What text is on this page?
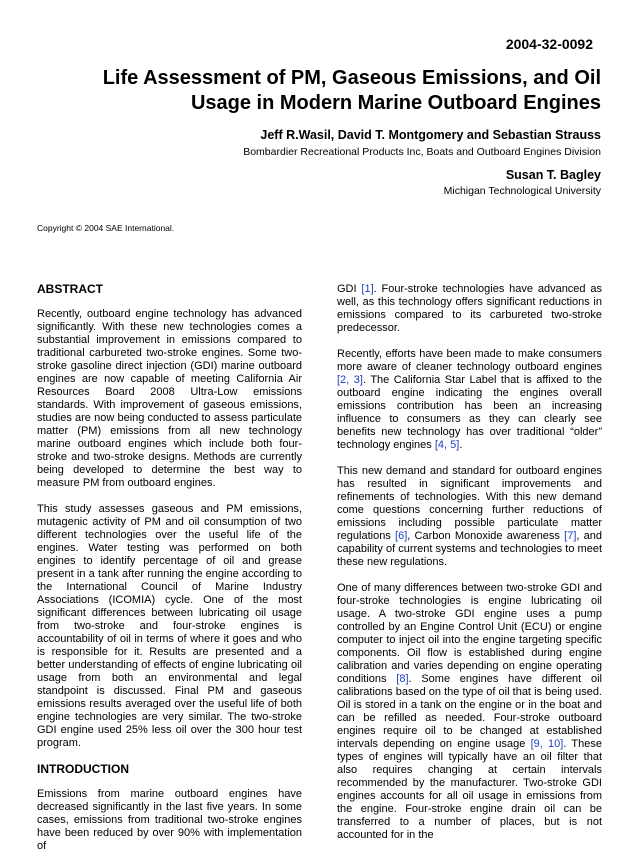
2004-32-0092
Life Assessment of PM, Gaseous Emissions, and Oil Usage in Modern Marine Outboard Engines
Jeff R.Wasil, David T. Montgomery and Sebastian Strauss
Bombardier Recreational Products Inc, Boats and Outboard Engines Division
Susan T. Bagley
Michigan Technological University
Copyright © 2004 SAE International.
ABSTRACT

Recently, outboard engine technology has advanced significantly. With these new technologies comes a substantial improvement in emissions compared to traditional carbureted two-stroke engines. Some two-stroke gasoline direct injection (GDI) marine outboard engines are now capable of meeting California Air Resources Board 2008 Ultra-Low emissions standards. With improvement of gaseous emissions, studies are now being conducted to assess particulate matter (PM) emissions from all new technology marine outboard engines which include both four-stroke and two-stroke designs. Methods are currently being developed to determine the best way to measure PM from outboard engines.

This study assesses gaseous and PM emissions, mutagenic activity of PM and oil consumption of two different technologies over the useful life of the engines. Water testing was performed on both engines to identify percentage of oil and grease present in a tank after running the engine according to the International Council of Marine Industry Associations (ICOMIA) cycle. One of the most significant differences between lubricating oil usage from two-stroke and four-stroke engines is accountability of oil in terms of where it goes and who is responsible for it. Results are presented and a better understanding of effects of engine lubricating oil usage from both an environmental and legal standpoint is discussed. Final PM and gaseous emissions results averaged over the useful life of both engine technologies are very similar. The two-stroke GDI engine used 25% less oil over the 300 hour test program.

INTRODUCTION

Emissions from marine outboard engines have decreased significantly in the last five years. In some cases, emissions from traditional two-stroke engines have been reduced by over 90% with implementation of

GDI [1]. Four-stroke technologies have advanced as well, as this technology offers significant reductions in emissions compared to its carbureted two-stroke predecessor.

Recently, efforts have been made to make consumers more aware of cleaner technology outboard engines [2, 3]. The California Star Label that is affixed to the outboard engine indicating the engines overall emissions contribution has been an increasing influence to consumers as they can clearly see benefits new technology has over traditional “older” technology engines [4, 5].

This new demand and standard for outboard engines has resulted in significant improvements and refinements of technologies. With this new demand come questions concerning further reductions of emissions including possible particulate matter regulations [6], Carbon Monoxide awareness [7], and capability of current systems and technologies to meet these new regulations.

One of many differences between two-stroke GDI and four-stroke technologies is engine lubricating oil usage. A two-stroke GDI engine uses a pump controlled by an Engine Control Unit (ECU) or engine computer to inject oil into the engine targeting specific components. Oil flow is established during engine calibration and varies depending on engine operating conditions [8]. Some engines have different oil calibrations based on the type of oil that is being used. Oil is stored in a tank on the engine or in the boat and can be refilled as needed. Four-stroke outboard engines require oil to be changed at established intervals depending on engine usage [9, 10]. These types of engines will typically have an oil filter that also requires changing at certain intervals recommended by the manufacturer. Two-stroke GDI engines accounts for all oil usage in emissions from the engine. Four-stroke engine drain oil can be transferred to a number of places, but is not accounted for in the
